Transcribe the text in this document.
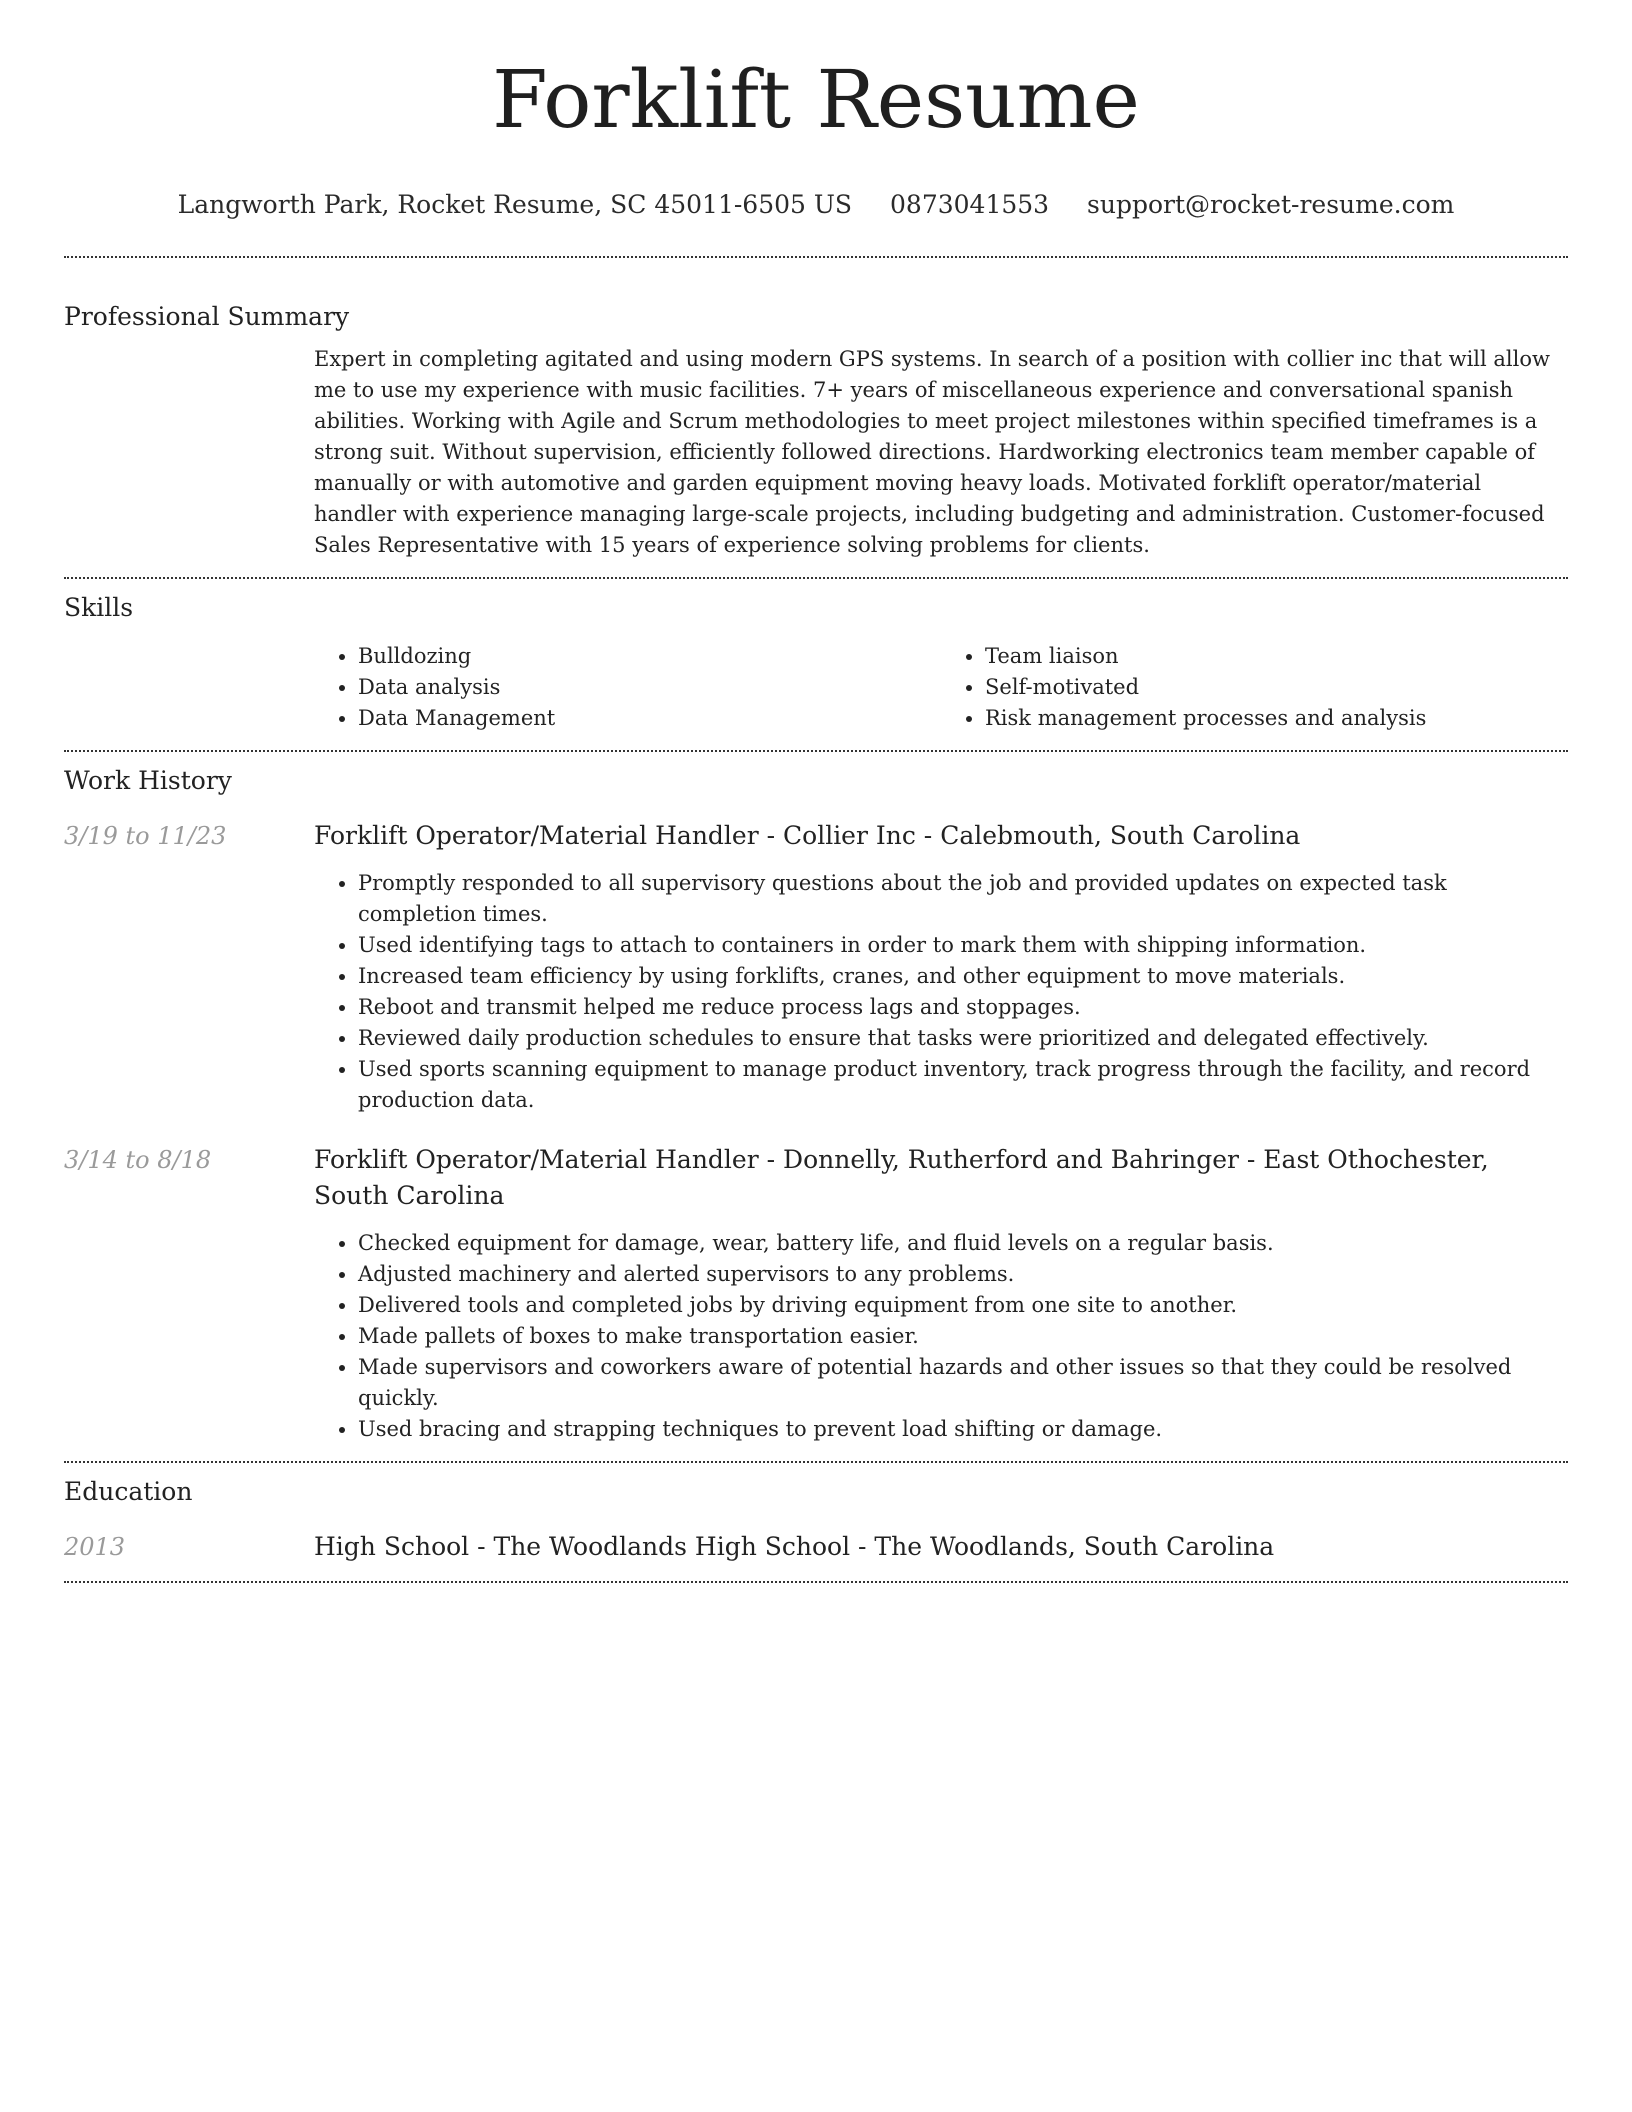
Forklift Resume
Langworth Park, Rocket Resume, SC 45011-6505 US 0873041553 support@rocket-resume.com
Professional Summary

Expert in completing agitated and using modern GPS systems. In search of a position with collier inc that will allow me to use my experience with music facilities. 7+ years of miscellaneous experience and conversational spanish abilities. Working with Agile and Scrum methodologies to meet project milestones within specified timeframes is a strong suit. Without supervision, efficiently followed directions. Hardworking electronics team member capable of manually or with automotive and garden equipment moving heavy loads. Motivated forklift operator/material handler with experience managing large-scale projects, including budgeting and administration. Customer-focused Sales Representative with 15 years of experience solving problems for clients.

Skills
• Bulldozing
• Data analysis
• Data Management
• Team liaison
• Self-motivated
• Risk management processes and analysis
Work History
3/19 to 11/23	Forklift Operator/Material Handler - Collier Inc - Calebmouth, South Carolina
• Promptly responded to all supervisory questions about the job and provided updates on expected task completion times.
• Used identifying tags to attach to containers in order to mark them with shipping information.
• Increased team efficiency by using forklifts, cranes, and other equipment to move materials.
• Reboot and transmit helped me reduce process lags and stoppages.
• Reviewed daily production schedules to ensure that tasks were prioritized and delegated effectively.
• Used sports scanning equipment to manage product inventory, track progress through the facility, and record production data.
3/14 to 8/18	Forklift Operator/Material Handler - Donnelly, Rutherford and Bahringer - East Othochester, South Carolina
• Checked equipment for damage, wear, battery life, and fluid levels on a regular basis.
• Adjusted machinery and alerted supervisors to any problems.
• Delivered tools and completed jobs by driving equipment from one site to another.
• Made pallets of boxes to make transportation easier.
• Made supervisors and coworkers aware of potential hazards and other issues so that they could be resolved quickly.
• Used bracing and strapping techniques to prevent load shifting or damage.
Education
2013	High School - The Woodlands High School - The Woodlands, South Carolina
